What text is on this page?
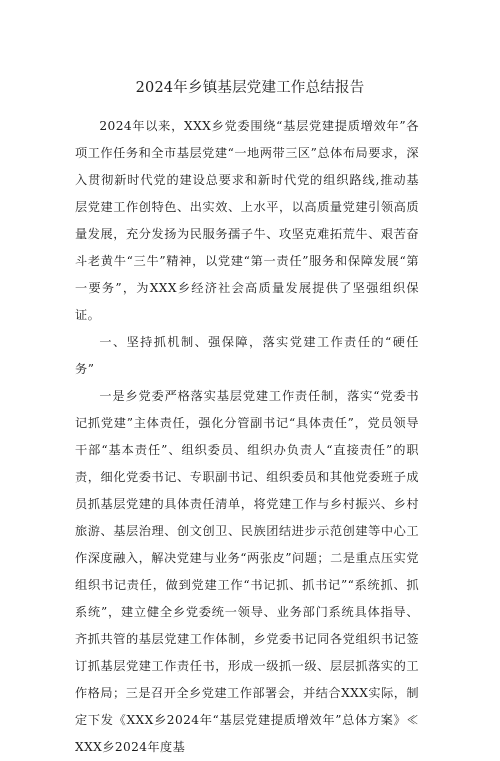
2024年乡镇基层党建工作总结报告

2024年以来，XXX乡党委围绕“基层党建提质增效年”各项工作任务和全市基层党建“一地两带三区”总体布局要求，深入贯彻新时代党的建设总要求和新时代党的组织路线,推动基层党建工作创特色、出实效、上水平，以高质量党建引领高质量发展，充分发扬为民服务孺子牛、攻坚克难拓荒牛、艰苦奋斗老黄牛“三牛”精神，以党建“第一责任”服务和保障发展“第一要务”，为XXX乡经济社会高质量发展提供了坚强组织保证。

一、坚持抓机制、强保障，落实党建工作责任的“硬任务”

一是乡党委严格落实基层党建工作责任制，落实“党委书记抓党建”主体责任，强化分管副书记“具体责任”，党员领导干部“基本责任”、组织委员、组织办负责人“直接责任”的职责，细化党委书记、专职副书记、组织委员和其他党委班子成员抓基层党建的具体责任清单，将党建工作与乡村振兴、乡村旅游、基层治理、创文创卫、民族团结进步示范创建等中心工作深度融入，解决党建与业务“两张皮”问题；二是重点压实党组织书记责任，做到党建工作“书记抓、抓书记”“系统抓、抓系统”，建立健全乡党委统一领导、业务部门系统具体指导、齐抓共管的基层党建工作体制，乡党委书记同各党组织书记签订抓基层党建工作责任书，形成一级抓一级、层层抓落实的工作格局；三是召开全乡党建工作部署会，并结合XXX实际，制定下发《XXX乡2024年“基层党建提质增效年”总体方案》≪XXX乡2024年度基
